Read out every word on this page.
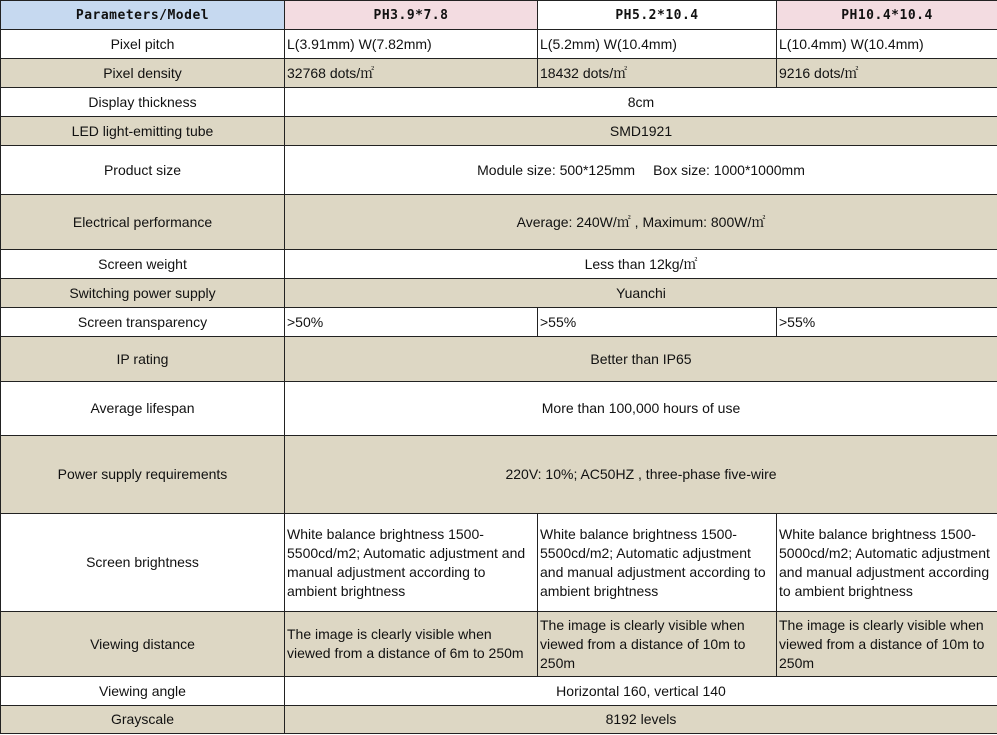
Parameters/Model	PH3.9*7.8	PH5.2*10.4	PH10.4*10.4
Pixel pitch	L(3.91mm) W(7.82mm)	L(5.2mm) W(10.4mm)	L(10.4mm) W(10.4mm)
Pixel density	32768 dots/㎡	18432 dots/㎡	9216 dots/㎡
Display thickness	8cm		
LED light-emitting tube	SMD1921		
Product size	Module size: 500*125mm Box size: 1000*1000mm		
Electrical performance	Average: 240W/㎡ , Maximum: 800W/㎡		
Screen weight	Less than 12kg/㎡		
Switching power supply	Yuanchi		
Screen transparency	>50%	>55%	>55%
IP rating	Better than IP65		
Average lifespan	More than 100,000 hours of use		
Power supply requirements	220V: 10%; AC50HZ , three-phase five-wire		
Screen brightness	White balance brightness 1500-5500cd/m2; Automatic adjustment and manual adjustment according to ambient brightness	White balance brightness 1500-5500cd/m2; Automatic adjustment and manual adjustment according to ambient brightness	White balance brightness 1500-5000cd/m2; Automatic adjustment and manual adjustment according to ambient brightness
Viewing distance	The image is clearly visible when viewed from a distance of 6m to 250m	The image is clearly visible when viewed from a distance of 10m to 250m	The image is clearly visible when viewed from a distance of 10m to 250m
Viewing angle	Horizontal 160, vertical 140		
Grayscale	8192 levels		
